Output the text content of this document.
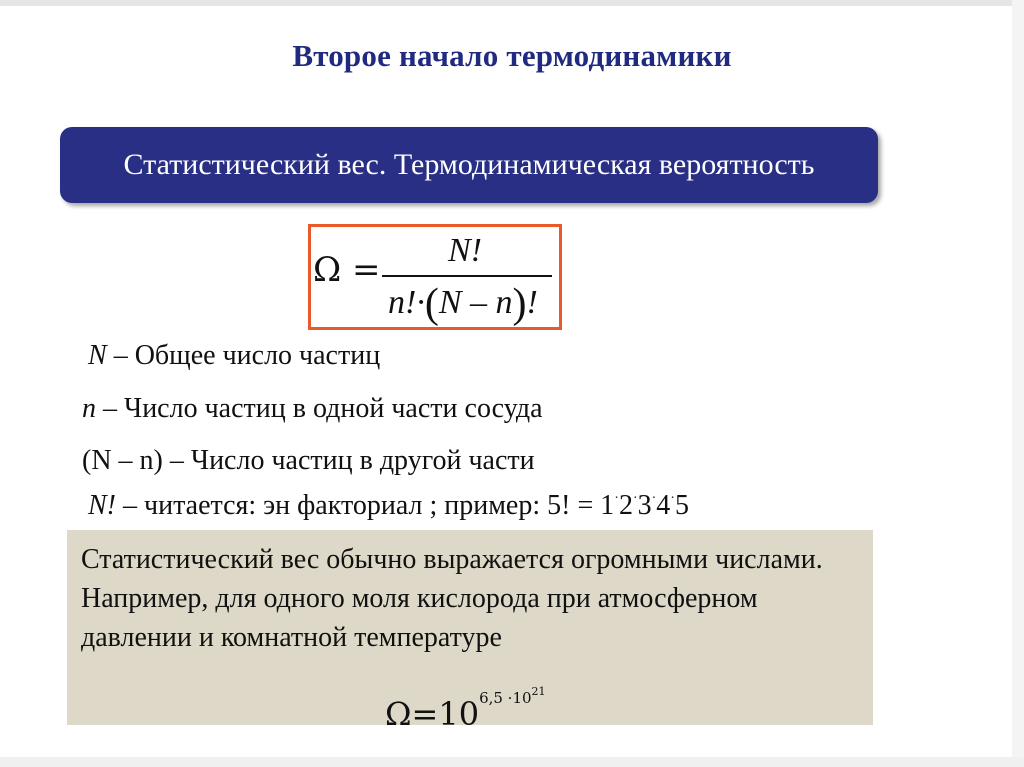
Второе начало термодинамики
Статистический вес. Термодинамическая вероятность
Ω = N!
n!·(N – n)!
N – Общее число частиц
n – Число частиц в одной части сосуда
(N – n) – Число частиц в другой части
N! – читается: эн факториал ; пример: 5! = 1·2·3·4·5

Статистический вес обычно выражается огромными числами. Например, для одного моля кислорода при атмосферном давлении и комнатной температуре

$\Omega=10^{6,5 \cdot 1021}$
